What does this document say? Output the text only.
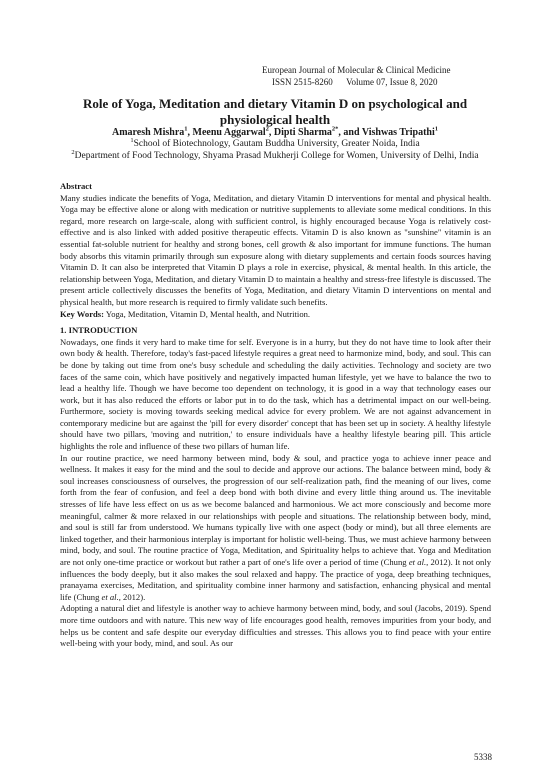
European Journal of Molecular & Clinical Medicine
ISSN 2515-8260 Volume 07, Issue 8, 2020
Role of Yoga, Meditation and dietary Vitamin D on psychological and physiological health
Amaresh Mishra$^1$, Meenu Aggarwal$^2$, Dipti Sharma$^{2*}$, and Vishwas Tripathi$^1$
$^1$School of Biotechnology, Gautam Buddha University, Greater Noida, India
$^2$Department of Food Technology, Shyama Prasad Mukherji College for Women, University of Delhi, India

Abstract

Many studies indicate the benefits of Yoga, Meditation, and dietary Vitamin D interventions for mental and physical health. Yoga may be effective alone or along with medication or nutritive supplements to alleviate some medical conditions. In this regard, more research on large-scale, along with sufficient control, is highly encouraged because Yoga is relatively cost-effective and is also linked with added positive therapeutic effects. Vitamin D is also known as "sunshine" vitamin is an essential fat-soluble nutrient for healthy and strong bones, cell growth & also important for immune functions. The human body absorbs this vitamin primarily through sun exposure along with dietary supplements and certain foods sources having Vitamin D. It can also be interpreted that Vitamin D plays a role in exercise, physical, & mental health. In this article, the relationship between Yoga, Meditation, and dietary Vitamin D to maintain a healthy and stress-free lifestyle is discussed. The present article collectively discusses the benefits of Yoga, Meditation, and dietary Vitamin D interventions on mental and physical health, but more research is required to firmly validate such benefits.

Key Words: Yoga, Meditation, Vitamin D, Mental health, and Nutrition.

1. INTRODUCTION

Nowadays, one finds it very hard to make time for self. Everyone is in a hurry, but they do not have time to look after their own body & health. Therefore, today's fast-paced lifestyle requires a great need to harmonize mind, body, and soul. This can be done by taking out time from one's busy schedule and scheduling the daily activities. Technology and society are two faces of the same coin, which have positively and negatively impacted human lifestyle, yet we have to balance the two to lead a healthy life. Though we have become too dependent on technology, it is good in a way that technology eases our work, but it has also reduced the efforts or labor put in to do the task, which has a detrimental impact on our well-being. Furthermore, society is moving towards seeking medical advice for every problem. We are not against advancement in contemporary medicine but are against the 'pill for every disorder' concept that has been set up in society. A healthy lifestyle should have two pillars, 'moving and nutrition,' to ensure individuals have a healthy lifestyle bearing pill. This article highlights the role and influence of these two pillars of human life.

In our routine practice, we need harmony between mind, body & soul, and practice yoga to achieve inner peace and wellness. It makes it easy for the mind and the soul to decide and approve our actions. The balance between mind, body & soul increases consciousness of ourselves, the progression of our self-realization path, find the meaning of our lives, come forth from the fear of confusion, and feel a deep bond with both divine and every little thing around us. The inevitable stresses of life have less effect on us as we become balanced and harmonious. We act more consciously and become more meaningful, calmer & more relaxed in our relationships with people and situations. The relationship between body, mind, and soul is still far from understood. We humans typically live with one aspect (body or mind), but all three elements are linked together, and their harmonious interplay is important for holistic well-being. Thus, we must achieve harmony between mind, body, and soul. The routine practice of Yoga, Meditation, and Spirituality helps to achieve that. Yoga and Meditation are not only one-time practice or workout but rather a part of one's life over a period of time (Chung et al., 2012). It not only influences the body deeply, but it also makes the soul relaxed and happy. The practice of yoga, deep breathing techniques, pranayama exercises, Meditation, and spirituality combine inner harmony and satisfaction, enhancing physical and mental life (Chung et al., 2012).

Adopting a natural diet and lifestyle is another way to achieve harmony between mind, body, and soul (Jacobs, 2019). Spend more time outdoors and with nature. This new way of life encourages good health, removes impurities from your body, and helps us be content and safe despite our everyday difficulties and stresses. This allows you to find peace with your entire well-being with your body, mind, and soul. As our

5338
